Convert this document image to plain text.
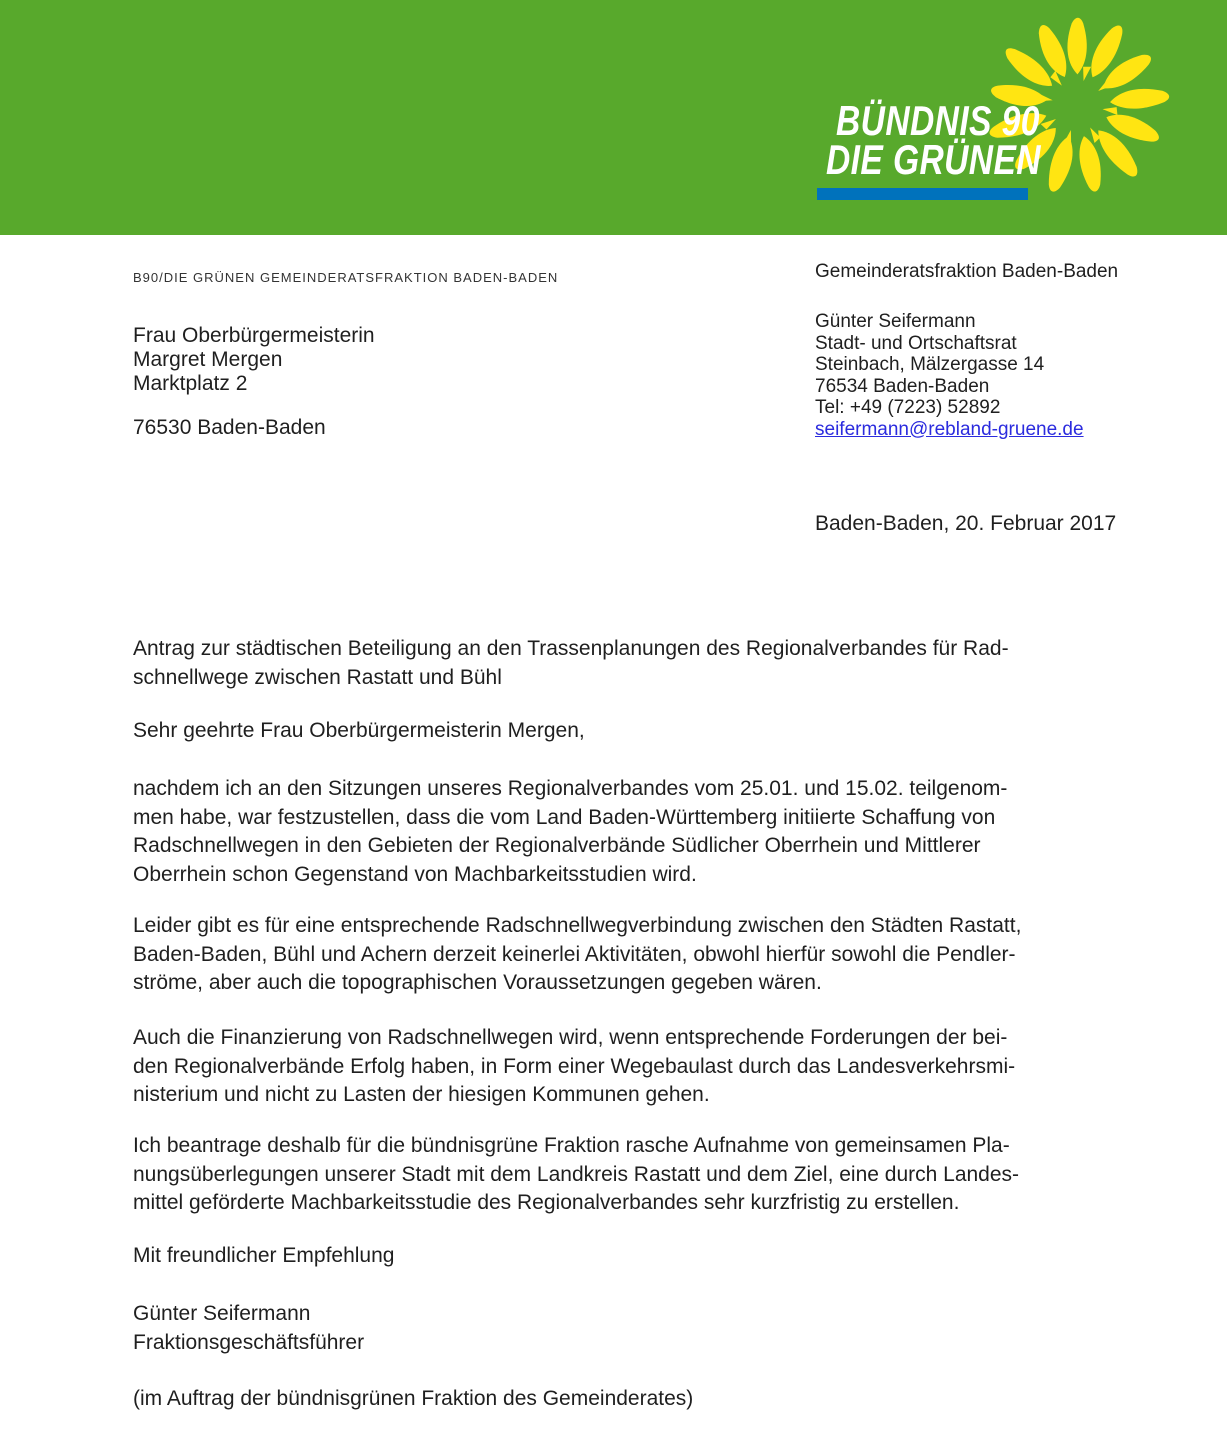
BÜNDNIS 90
DIE GRÜNEN
B90/DIE GRÜNEN GEMEINDERATSFRAKTION BADEN-BADEN
Frau Oberbürgermeisterin
Margret Mergen
Marktplatz 2
76530 Baden-Baden
Gemeinderatsfraktion Baden-Baden
Günter Seifermann
Stadt- und Ortschaftsrat
Steinbach, Mälzergasse 14
76534 Baden-Baden
Tel: +49 (7223) 52892
seifermann@rebland-gruene.de
Baden-Baden, 20. Februar 2017
Antrag zur städtischen Beteiligung an den Trassenplanungen des Regionalverbandes für Rad-
schnellwege zwischen Rastatt und Bühl
Sehr geehrte Frau Oberbürgermeisterin Mergen,
nachdem ich an den Sitzungen unseres Regionalverbandes vom 25.01. und 15.02. teilgenom-
men habe, war festzustellen, dass die vom Land Baden-Württemberg initiierte Schaffung von
Radschnellwegen in den Gebieten der Regionalverbände Südlicher Oberrhein und Mittlerer
Oberrhein schon Gegenstand von Machbarkeitsstudien wird.
Leider gibt es für eine entsprechende Radschnellwegverbindung zwischen den Städten Rastatt,
Baden-Baden, Bühl und Achern derzeit keinerlei Aktivitäten, obwohl hierfür sowohl die Pendler-
ströme, aber auch die topographischen Voraussetzungen gegeben wären.
Auch die Finanzierung von Radschnellwegen wird, wenn entsprechende Forderungen der bei-
den Regionalverbände Erfolg haben, in Form einer Wegebaulast durch das Landesverkehrsmi-
nisterium und nicht zu Lasten der hiesigen Kommunen gehen.
Ich beantrage deshalb für die bündnisgrüne Fraktion rasche Aufnahme von gemeinsamen Pla-
nungsüberlegungen unserer Stadt mit dem Landkreis Rastatt und dem Ziel, eine durch Landes-
mittel geförderte Machbarkeitsstudie des Regionalverbandes sehr kurzfristig zu erstellen.
Mit freundlicher Empfehlung
Günter Seifermann
Fraktionsgeschäftsführer
(im Auftrag der bündnisgrünen Fraktion des Gemeinderates)
